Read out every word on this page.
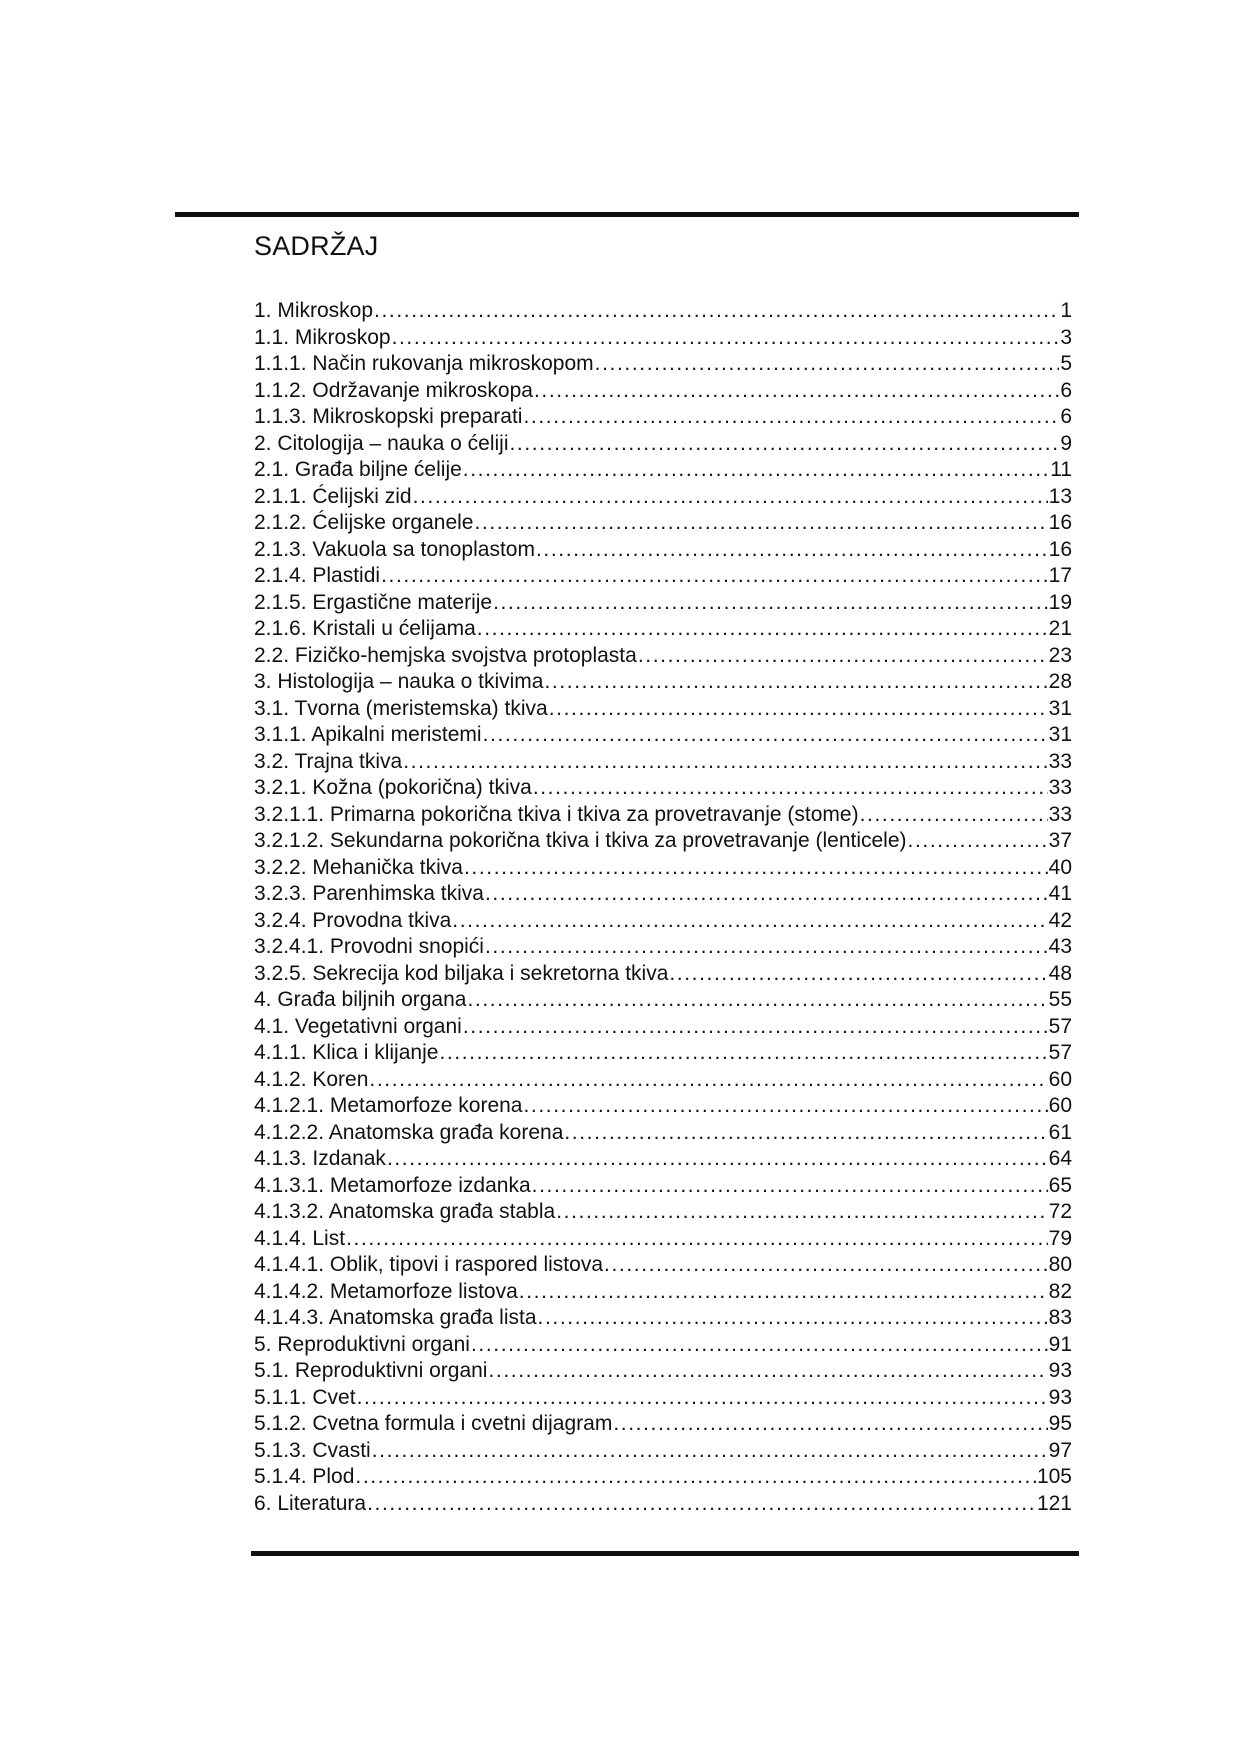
SADRŽAJ
1. Mikroskop .....	1
1.1. Mikroskop .....	3
1.1.1. Način rukovanja mikroskopom .....	5
1.1.2. Održavanje mikroskopa .....	6
1.1.3. Mikroskopski preparati .....	6
2. Citologija – nauka o ćeliji .....	9
2.1. Građa biljne ćelije .....	11
2.1.1. Ćelijski zid .....	13
2.1.2. Ćelijske organele .....	16
2.1.3. Vakuola sa tonoplastom .....	16
2.1.4. Plastidi .....	17
2.1.5. Ergastične materije .....	19
2.1.6. Kristali u ćelijama .....	21
2.2. Fizičko-hemjska svojstva protoplasta .....	23
3. Histologija – nauka o tkivima .....	28
3.1. Tvorna (meristemska) tkiva .....	31
3.1.1. Apikalni meristemi .....	31
3.2. Trajna tkiva .....	33
3.2.1. Kožna (pokorična) tkiva .....	33
3.2.1.1. Primarna pokorična tkiva i tkiva za provetravanje (stome) .....	33
3.2.1.2. Sekundarna pokorična tkiva i tkiva za provetravanje (lenticele) .....	37
3.2.2. Mehanička tkiva .....	40
3.2.3. Parenhimska tkiva .....	41
3.2.4. Provodna tkiva .....	42
3.2.4.1. Provodni snopići .....	43
3.2.5. Sekrecija kod biljaka i sekretorna tkiva .....	48
4. Građa biljnih organa .....	55
4.1. Vegetativni organi .....	57
4.1.1. Klica i klijanje .....	57
4.1.2. Koren .....	60
4.1.2.1. Metamorfoze korena .....	60
4.1.2.2. Anatomska građa korena .....	61
4.1.3. Izdanak .....	64
4.1.3.1. Metamorfoze izdanka .....	65
4.1.3.2. Anatomska građa stabla .....	72
4.1.4. List .....	79
4.1.4.1. Oblik, tipovi i raspored listova .....	80
4.1.4.2. Metamorfoze listova .....	82
4.1.4.3. Anatomska građa lista .....	83
5. Reproduktivni organi .....	91
5.1. Reproduktivni organi .....	93
5.1.1. Cvet .....	93
5.1.2. Cvetna formula i cvetni dijagram .....	95
5.1.3. Cvasti .....	97
5.1.4. Plod .....	105
6. Literatura .....	121
